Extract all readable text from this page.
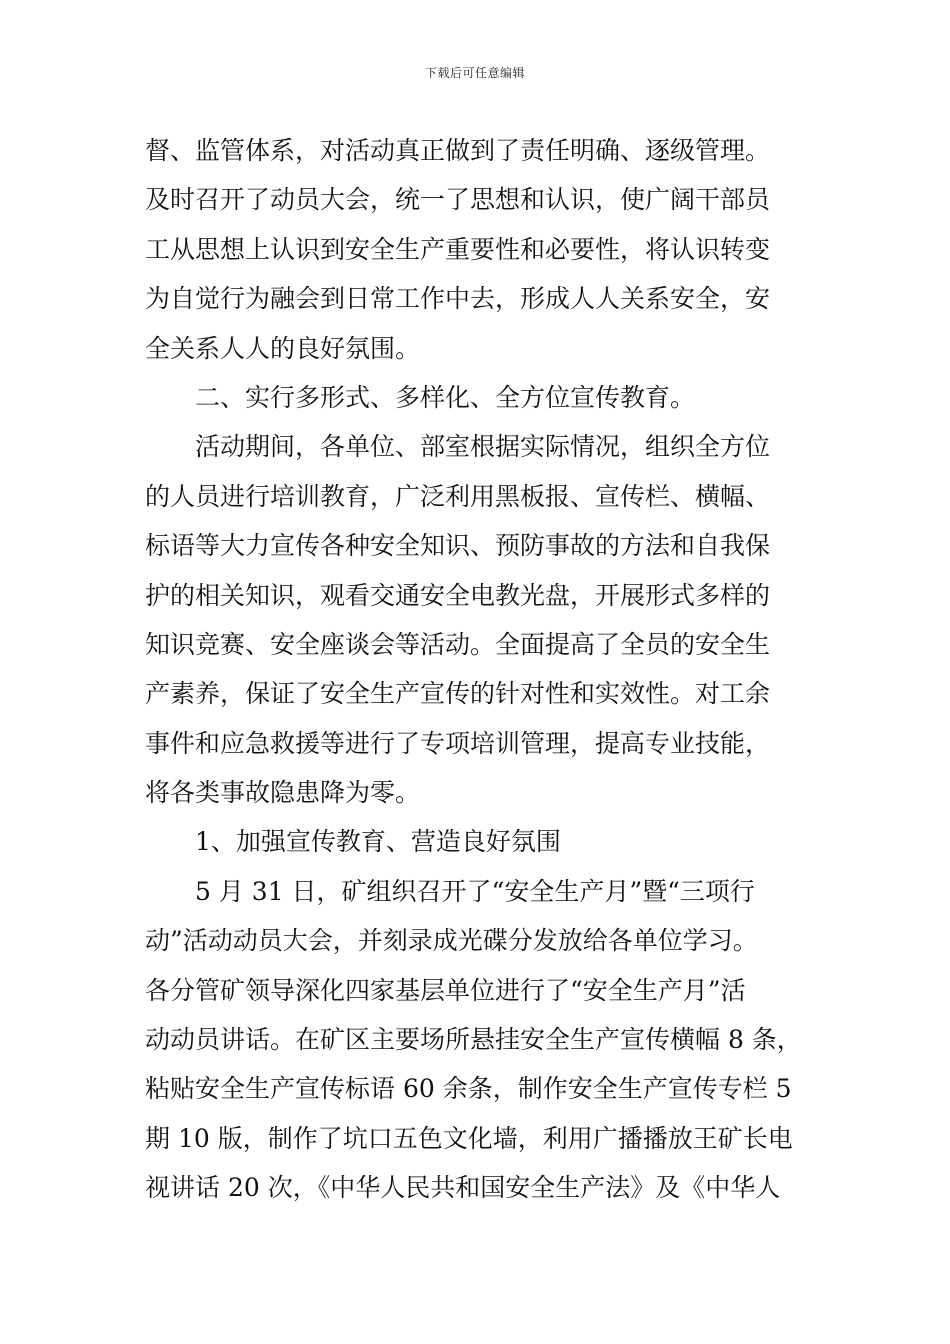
下载后可任意编辑
督、监管体系，对活动真正做到了责任明确、逐级管理。
及时召开了动员大会，统一了思想和认识，使广阔干部员
工从思想上认识到安全生产重要性和必要性，将认识转变
为自觉行为融会到日常工作中去，形成人人关系安全，安
全关系人人的良好氛围。
　　二、实行多形式、多样化、全方位宣传教育。
　　活动期间，各单位、部室根据实际情况，组织全方位
的人员进行培训教育，广泛利用黑板报、宣传栏、横幅、
标语等大力宣传各种安全知识、预防事故的方法和自我保
护的相关知识，观看交通安全电教光盘，开展形式多样的
知识竞赛、安全座谈会等活动。全面提高了全员的安全生
产素养，保证了安全生产宣传的针对性和实效性。对工余
事件和应急救援等进行了专项培训管理，提高专业技能，
将各类事故隐患降为零。
　　1、加强宣传教育、营造良好氛围
　　5 月 31 日，矿组织召开了“安全生产月”暨“三项行
动”活动动员大会，并刻录成光碟分发放给各单位学习。
各分管矿领导深化四家基层单位进行了“安全生产月”活
动动员讲话。在矿区主要场所悬挂安全生产宣传横幅 8 条，
粘贴安全生产宣传标语 60 余条，制作安全生产宣传专栏 5
期 10 版，制作了坑口五色文化墙，利用广播播放王矿长电
视讲话 20 次，《中华人民共和国安全生产法》及《中华人
